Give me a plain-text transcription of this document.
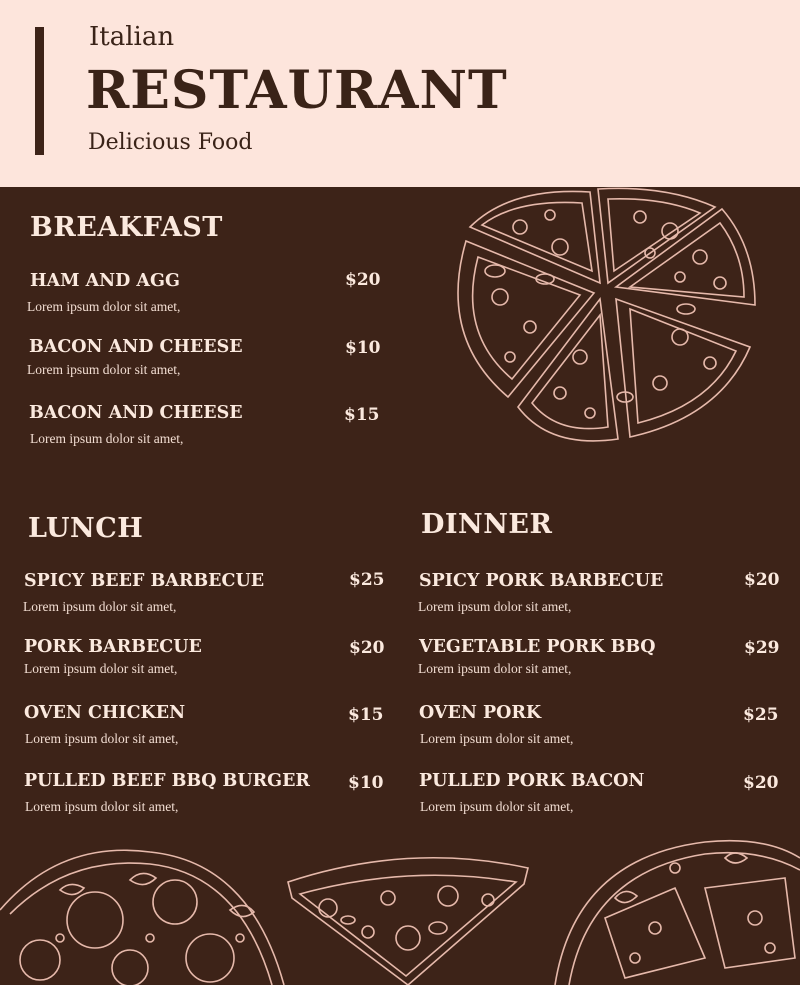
Italian
RESTAURANT
Delicious Food
BREAKFAST
HAM AND AGG	$20
Lorem ipsum dolor sit amet,
BACON AND CHEESE	$10
Lorem ipsum dolor sit amet,
BACON AND CHEESE	$15
Lorem ipsum dolor sit amet,
LUNCH
SPICY BEEF BARBECUE	$25
Lorem ipsum dolor sit amet,
PORK BARBECUE	$20
Lorem ipsum dolor sit amet,
OVEN CHICKEN	$15
Lorem ipsum dolor sit amet,
PULLED BEEF BBQ BURGER $10
Lorem ipsum dolor sit amet,
DINNER
SPICY PORK BARBECUE	$20
Lorem ipsum dolor sit amet,
VEGETABLE PORK BBQ	$29
Lorem ipsum dolor sit amet,
OVEN PORK	$25
Lorem ipsum dolor sit amet,
PULLED PORK BACON	$20
Lorem ipsum dolor sit amet,
